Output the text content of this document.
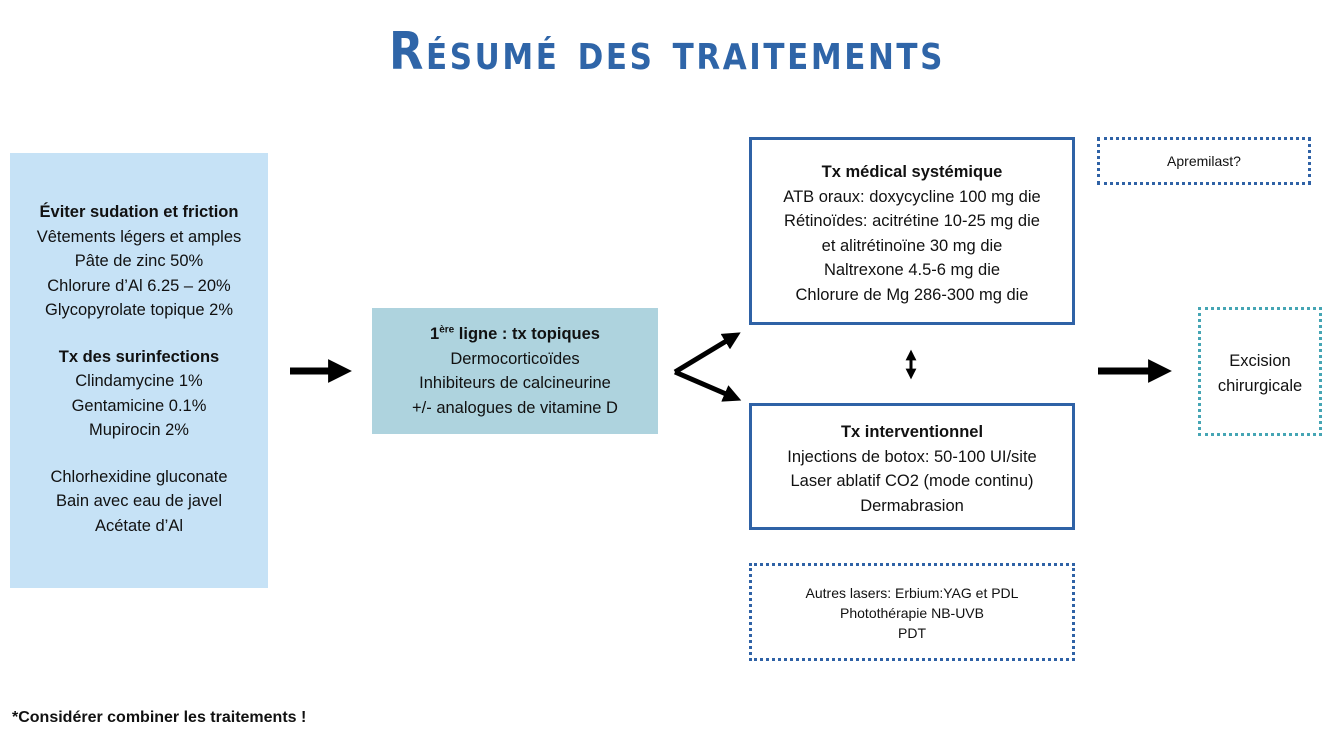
Résumé des traitements
Éviter sudation et friction
Vêtements légers et amples
Pâte de zinc 50%
Chlorure d’Al 6.25 – 20%
Glycopyrolate topique 2%
Tx des surinfections
Clindamycine 1%
Gentamicine 0.1%
Mupirocin 2%
Chlorhexidine gluconate
Bain avec eau de javel
Acétate d’Al
1ère ligne : tx topiques
Dermocorticoïdes
Inhibiteurs de calcineurine
+/- analogues de vitamine D
Tx médical systémique
ATB oraux: doxycycline 100 mg die
Rétinoïdes: acitrétine 10-25 mg die
et alitrétinoïne 30 mg die
Naltrexone 4.5-6 mg die
Chlorure de Mg 286-300 mg die
Apremilast?
Tx interventionnel
Injections de botox: 50-100 UI/site
Laser ablatif CO2 (mode continu)
Dermabrasion
Autres lasers: Erbium:YAG et PDL
Photothérapie NB-UVB
PDT
Excision
chirurgicale
*Considérer combiner les traitements !
